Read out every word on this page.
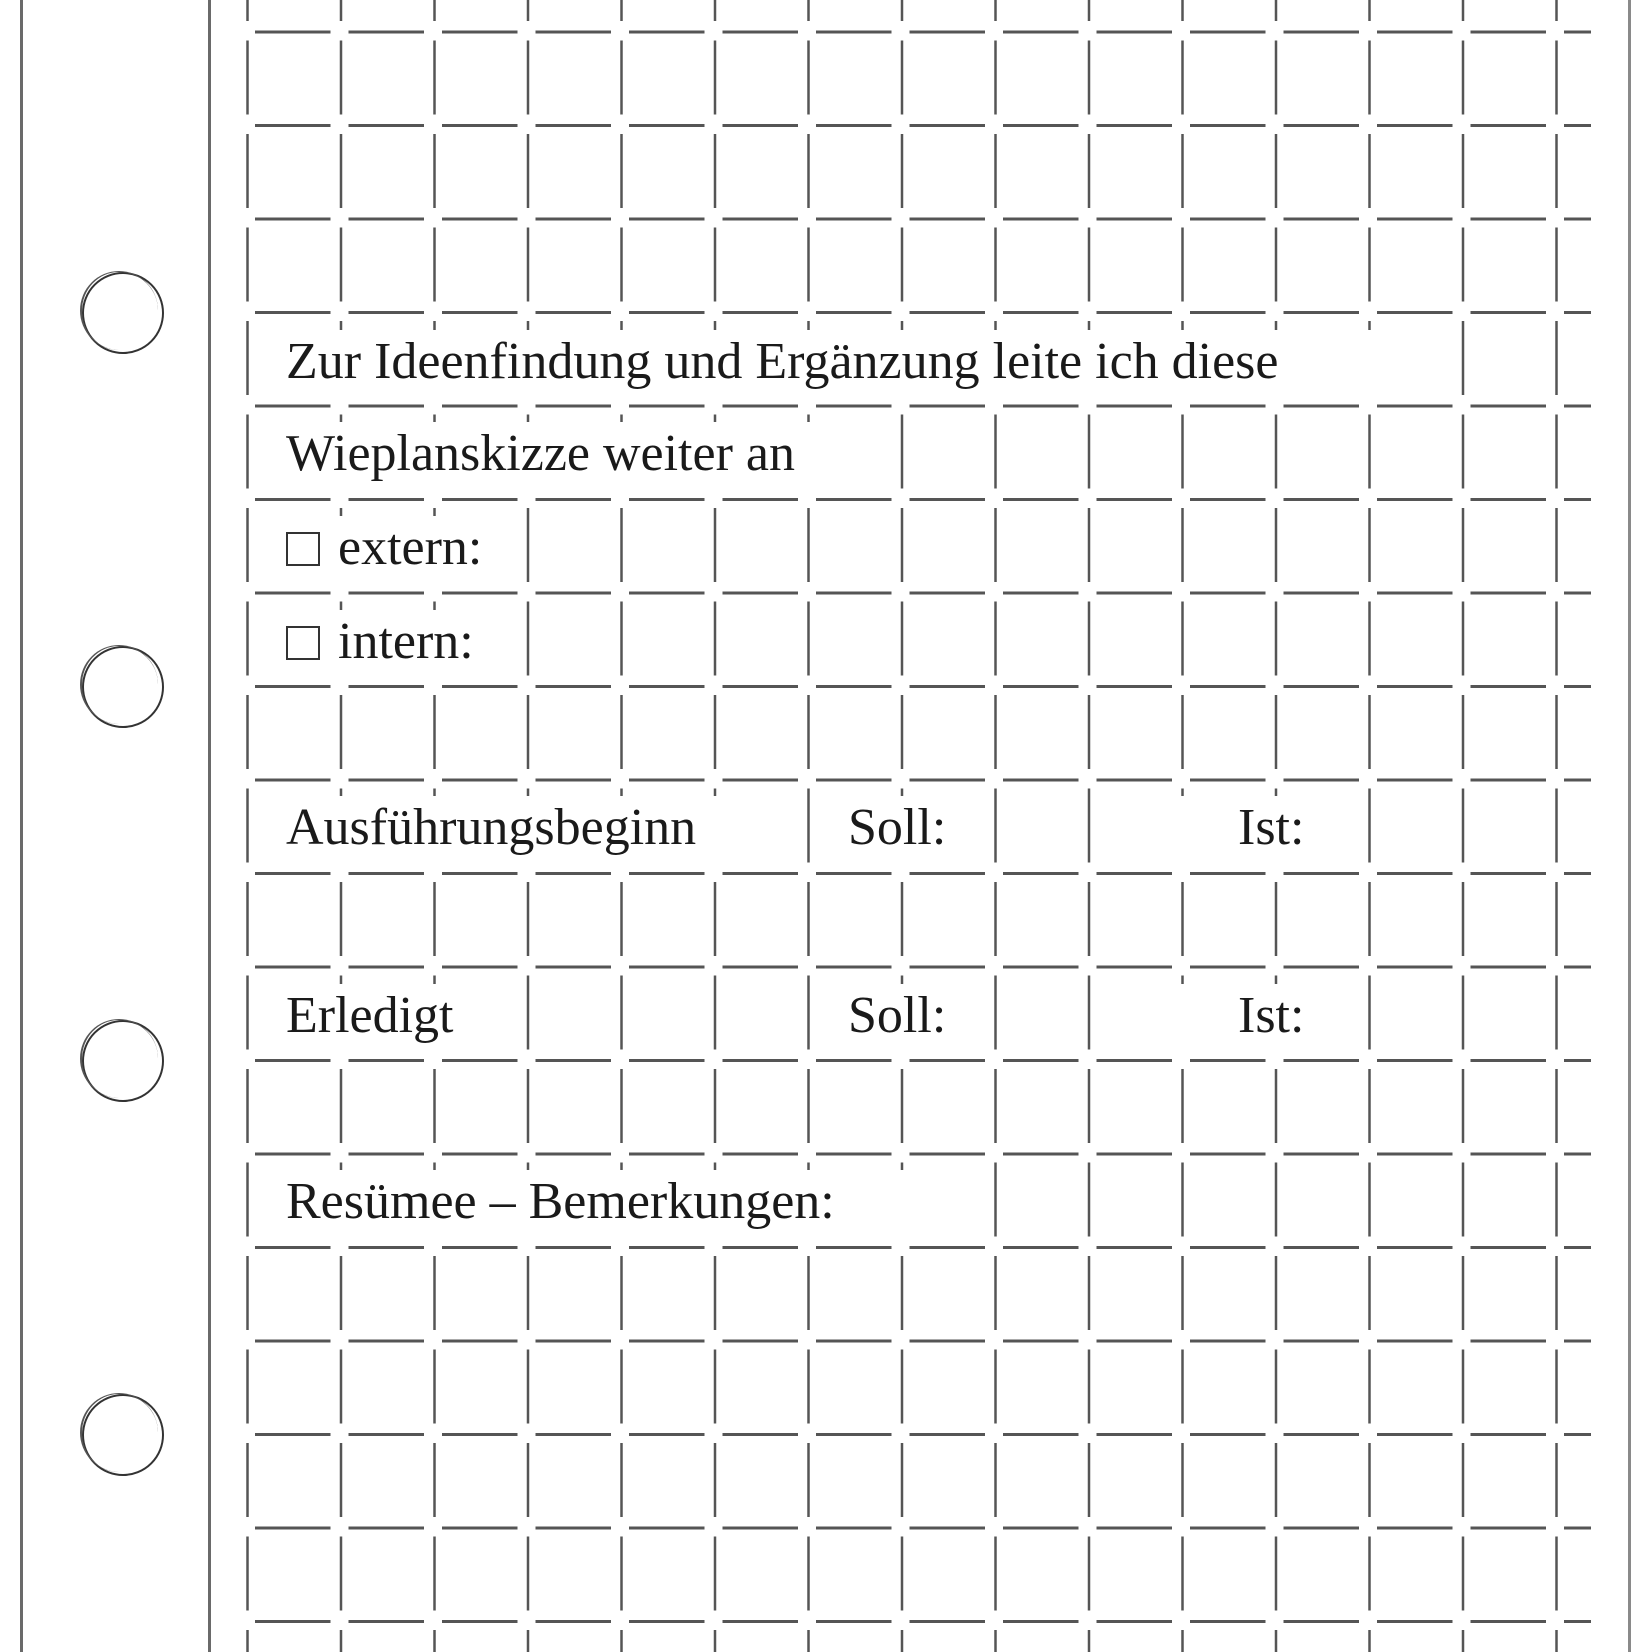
Zur Ideenfindung und Ergänzung leite ich diese
Wieplanskizze weiter an
extern:
intern:
Ausführungsbeginn	Soll:	Ist:
Erledigt	Soll:	Ist:
Resümee – Bemerkungen:
